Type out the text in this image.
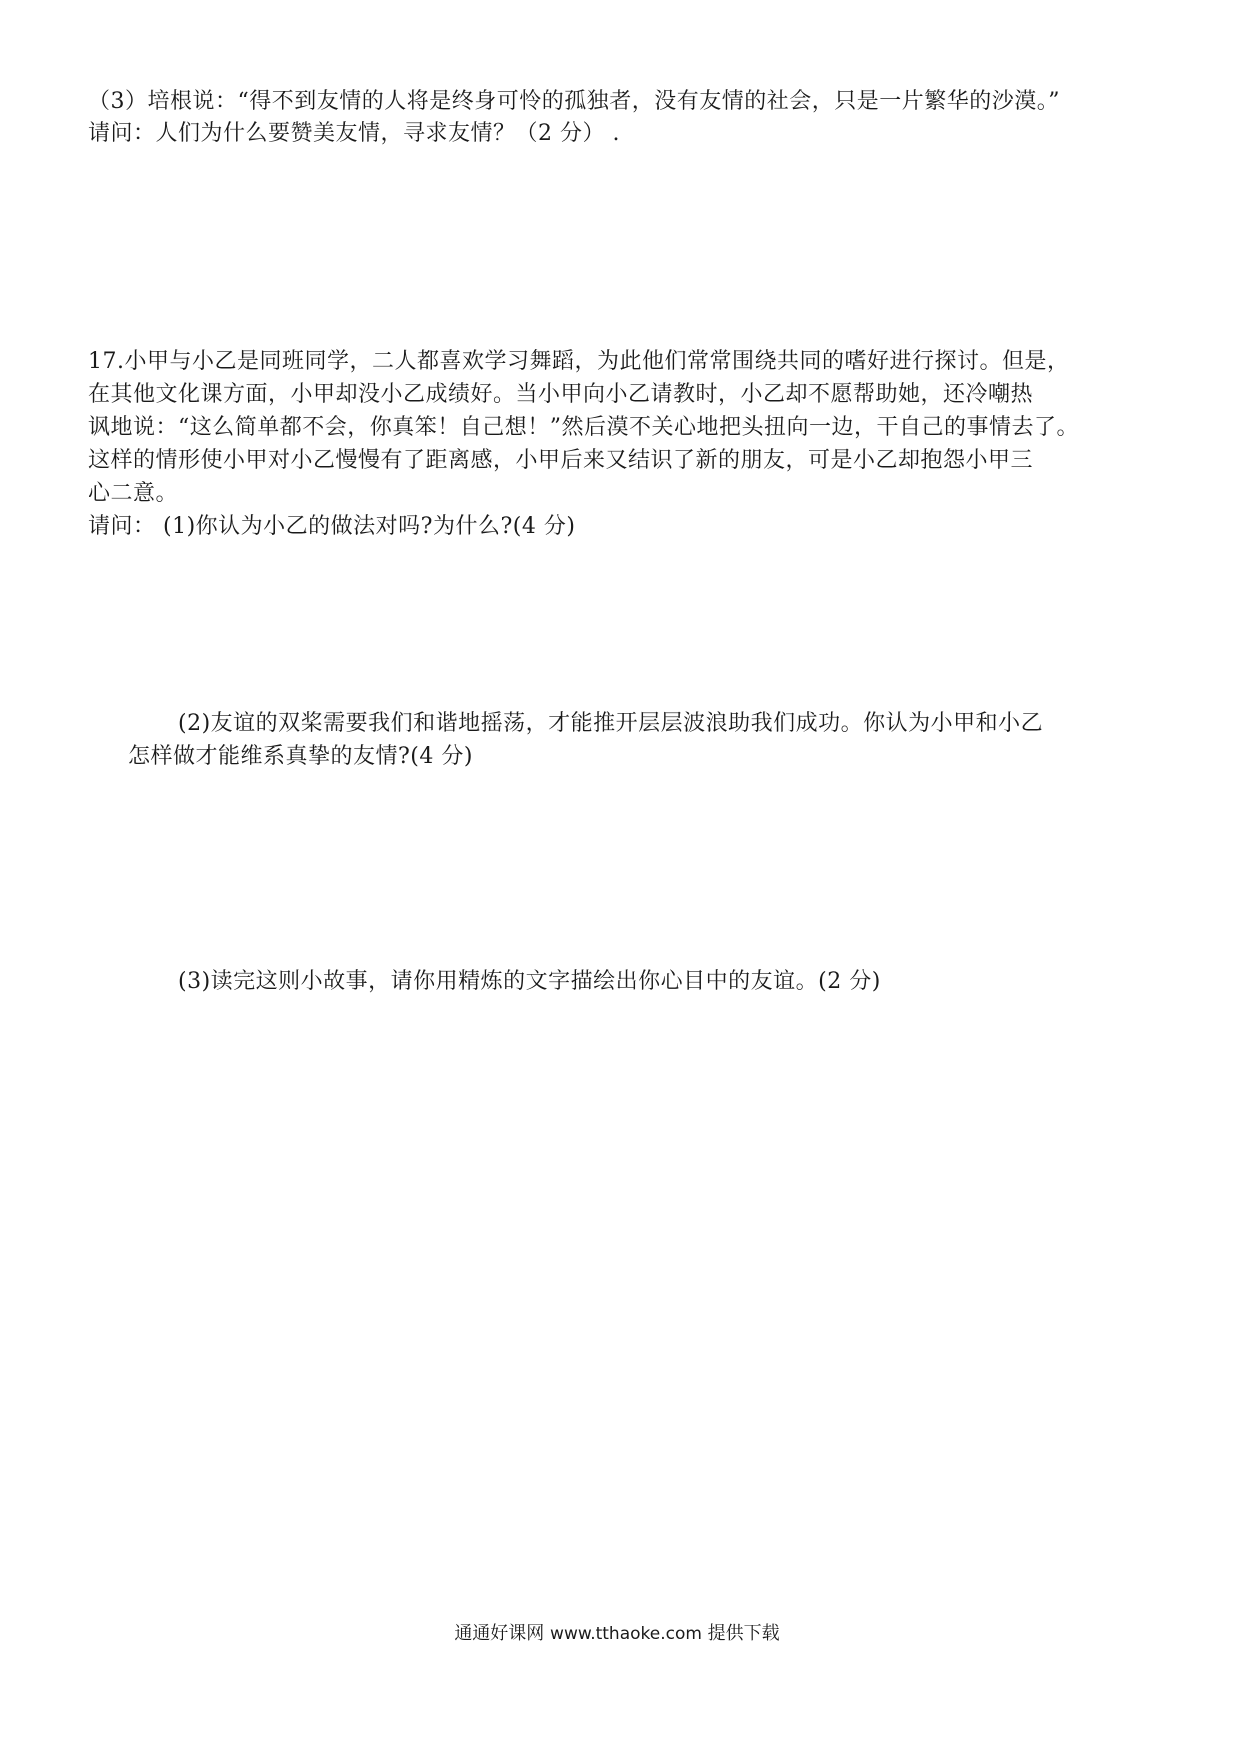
（3）培根说：“得不到友情的人将是终身可怜的孤独者，没有友情的社会，只是一片繁华的沙漠。”
请问：人们为什么要赞美友情，寻求友情？（2 分） .
17.小甲与小乙是同班同学，二人都喜欢学习舞蹈，为此他们常常围绕共同的嗜好进行探讨。但是，
在其他文化课方面，小甲却没小乙成绩好。当小甲向小乙请教时，小乙却不愿帮助她，还冷嘲热
讽地说：“这么简单都不会，你真笨！自己想！”然后漠不关心地把头扭向一边，干自己的事情去了。
这样的情形使小甲对小乙慢慢有了距离感，小甲后来又结识了新的朋友，可是小乙却抱怨小甲三
心二意。
请问： (1)你认为小乙的做法对吗?为什么?(4 分)
(2)友谊的双桨需要我们和谐地摇荡，才能推开层层波浪助我们成功。你认为小甲和小乙
怎样做才能维系真挚的友情?(4 分)
(3)读完这则小故事，请你用精炼的文字描绘出你心目中的友谊。(2 分)
通通好课网 www.tthaoke.com 提供下载
